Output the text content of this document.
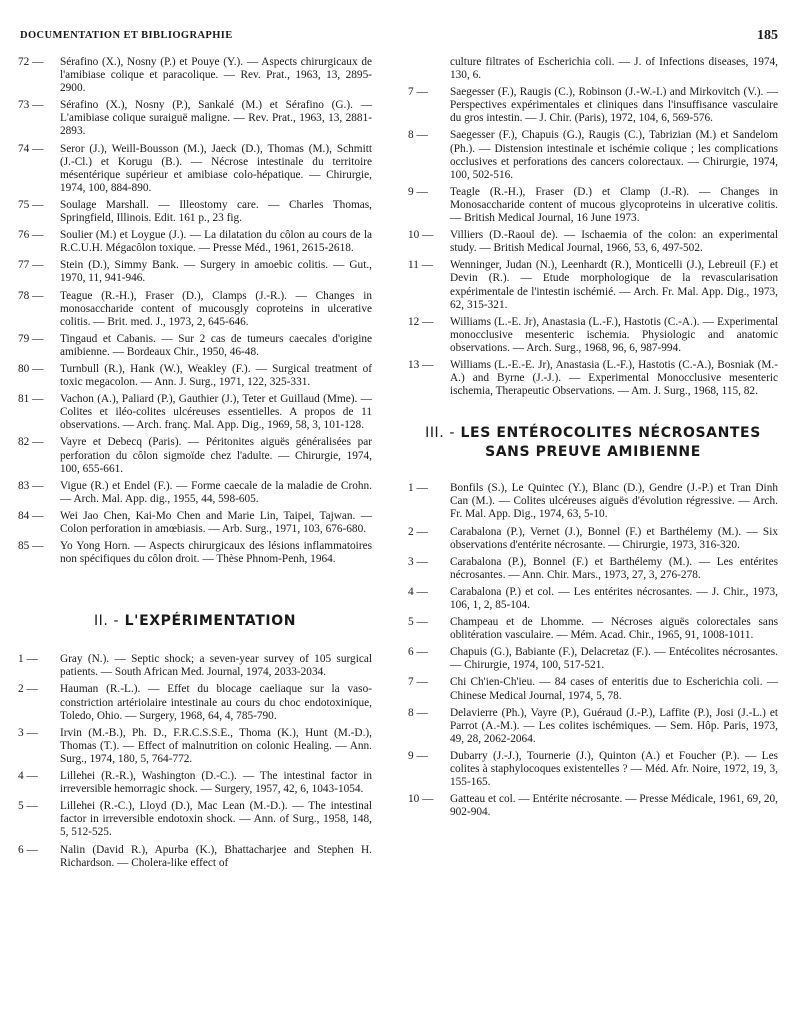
DOCUMENTATION ET BIBLIOGRAPHIE	185

72 —	Sérafino (X.), Nosny (P.) et Pouye (Y.). — Aspects chirurgicaux de l'amibiase colique et paracolique. — Rev. Prat., 1963, 13, 2895-2900.

73 —	Sérafino (X.), Nosny (P.), Sankalé (M.) et Sérafino (G.). — L'amibiase colique suraiguë maligne. — Rev. Prat., 1963, 13, 2881-2893.

74 —	Seror (J.), Weill-Bousson (M.), Jaeck (D.), Thomas (M.), Schmitt (J.-Cl.) et Korugu (B.). — Nécrose intestinale du territoire mésentérique supérieur et amibiase colo-hépatique. — Chirurgie, 1974, 100, 884-890.

75 —	Soulage Marshall. — Illeostomy care. — Charles Thomas, Springfield, Illinois. Edit. 161 p., 23 fig.

76 —	Soulier (M.) et Loygue (J.). — La dilatation du côlon au cours de la R.C.U.H. Mégacôlon toxique. — Presse Méd., 1961, 2615-2618.

77 —	Stein (D.), Simmy Bank. — Surgery in amoebic colitis. — Gut., 1970, 11, 941-946.

78 —	Teague (R.-H.), Fraser (D.), Clamps (J.-R.). — Changes in monosaccharide content of mucousgly coproteins in ulcerative colitis. — Brit. med. J., 1973, 2, 645-646.

79 —	Tingaud et Cabanis. — Sur 2 cas de tumeurs caecales d'origine amibienne. — Bordeaux Chir., 1950, 46-48.

80 —	Turnbull (R.), Hank (W.), Weakley (F.). — Surgical treatment of toxic megacolon. — Ann. J. Surg., 1971, 122, 325-331.

81 —	Vachon (A.), Paliard (P.), Gauthier (J.), Teter et Guillaud (Mme). — Colites et iléo-colites ulcéreuses essentielles. A propos de 11 observations. — Arch. franç. Mal. App. Dig., 1969, 58, 3, 101-128.

82 —	Vayre et Debecq (Paris). — Péritonites aiguës généralisées par perforation du côlon sigmoïde chez l'adulte. — Chirurgie, 1974, 100, 655-661.

83 —	Vigue (R.) et Endel (F.). — Forme caecale de la maladie de Crohn. — Arch. Mal. App. dig., 1955, 44, 598-605.

84 —	Wei Jao Chen, Kai-Mo Chen and Marie Lin, Taipei, Tajwan. — Colon perforation in amœbiasis. — Arb. Surg., 1971, 103, 676-680.

85 —	Yo Yong Horn. — Aspects chirurgicaux des lésions inflammatoires non spécifiques du côlon droit. — Thèse Phnom-Penh, 1964.

II. - L'EXPÉRIMENTATION

1 —	Gray (N.). — Septic shock; a seven-year survey of 105 surgical patients. — South African Med. Journal, 1974, 2033-2034.

2 —	Hauman (R.-L.). — Effet du blocage caeliaque sur la vaso-constriction artériolaire intestinale au cours du choc endotoxinique, Toledo, Ohio. — Surgery, 1968, 64, 4, 785-790.

3 —	Irvin (M.-B.), Ph. D., F.R.C.S.S.E., Thoma (K.), Hunt (M.-D.), Thomas (T.). — Effect of malnutrition on colonic Healing. — Ann. Surg., 1974, 180, 5, 764-772.

4 —	Lillehei (R.-R.), Washington (D.-C.). — The intestinal factor in irreversible hemorragic shock. — Surgery, 1957, 42, 6, 1043-1054.

5 —	Lillehei (R.-C.), Lloyd (D.), Mac Lean (M.-D.). — The intestinal factor in irreversible endotoxin shock. — Ann. of Surg., 1958, 148, 5, 512-525.

6 —	Nalin (David R.), Apurba (K.), Bhattacharjee and Stephen H. Richardson. — Cholera-like effect of

culture filtrates of Escherichia coli. — J. of Infections diseases, 1974, 130, 6.

7 —	Saegesser (F.), Raugis (C.), Robinson (J.-W.-I.) and Mirkovitch (V.). — Perspectives expérimentales et cliniques dans l'insuffisance vasculaire du gros intestin. — J. Chir. (Paris), 1972, 104, 6, 569-576.

8 —	Saegesser (F.), Chapuis (G.), Raugis (C.), Tabrizian (M.) et Sandelom (Ph.). — Distension intestinale et ischémie colique ; les complications occlusives et perforations des cancers colorectaux. — Chirurgie, 1974, 100, 502-516.

9 —	Teagle (R.-H.), Fraser (D.) et Clamp (J.-R). — Changes in Monosaccharide content of mucous glycoproteins in ulcerative colitis. — British Medical Journal, 16 June 1973.

10 —	Villiers (D.-Raoul de). — Ischaemia of the colon: an experimental study. — British Medical Journal, 1966, 53, 6, 497-502.

11 —	Wenninger, Judan (N.), Leenhardt (R.), Monticelli (J.), Lebreuil (F.) et Devin (R.). — Etude morphologique de la revascularisation expérimentale de l'intestin ischémié. — Arch. Fr. Mal. App. Dig., 1973, 62, 315-321.

12 —	Williams (L.-E. Jr), Anastasia (L.-F.), Hastotis (C.-A.). — Experimental monocclusive mesenteric ischemia. Physiologic and anatomic observations. — Arch. Surg., 1968, 96, 6, 987-994.

13 —	Williams (L.-E.-E. Jr), Anastasia (L.-F.), Hastotis (C.-A.), Bosniak (M.-A.) and Byrne (J.-J.). — Experimental Monocclusive mesenteric ischemia, Therapeutic Observations. — Am. J. Surg., 1968, 115, 82.

III. - LES ENTÉROCOLITES NÉCROSANTES
SANS PREUVE AMIBIENNE

1 —	Bonfils (S.), Le Quintec (Y.), Blanc (D.), Gendre (J.-P.) et Tran Dinh Can (M.). — Colites ulcéreuses aiguës d'évolution régressive. — Arch. Fr. Mal. App. Dig., 1974, 63, 5-10.

2 —	Carabalona (P.), Vernet (J.), Bonnel (F.) et Barthélemy (M.). — Six observations d'entérite nécrosante. — Chirurgie, 1973, 316-320.

3 —	Carabalona (P.), Bonnel (F.) et Barthélemy (M.). — Les entérites nécrosantes. — Ann. Chir. Mars., 1973, 27, 3, 276-278.

4 —	Carabalona (P.) et col. — Les entérites nécrosantes. — J. Chir., 1973, 106, 1, 2, 85-104.

5 —	Champeau et de Lhomme. — Nécroses aiguës colorectales sans oblitération vasculaire. — Mém. Acad. Chir., 1965, 91, 1008-1011.

6 —	Chapuis (G.), Babiante (F.), Delacretaz (F.). — Entécolites nécrosantes. — Chirurgie, 1974, 100, 517-521.

7 —	Chi Ch'ien-Ch'ieu. — 84 cases of enteritis due to Escherichia coli. — Chinese Medical Journal, 1974, 5, 78.

8 —	Delavierre (Ph.), Vayre (P.), Guéraud (J.-P.), Laffite (P.), Josi (J.-L.) et Parrot (A.-M.). — Les colites ischémiques. — Sem. Hôp. Paris, 1973, 49, 28, 2062-2064.

9 —	Dubarry (J.-J.), Tournerie (J.), Quinton (A.) et Foucher (P.). — Les colites à staphylocoques existentelles ? — Méd. Afr. Noire, 1972, 19, 3, 155-165.

10 —	Gatteau et col. — Entérite nécrosante. — Presse Médicale, 1961, 69, 20, 902-904.
